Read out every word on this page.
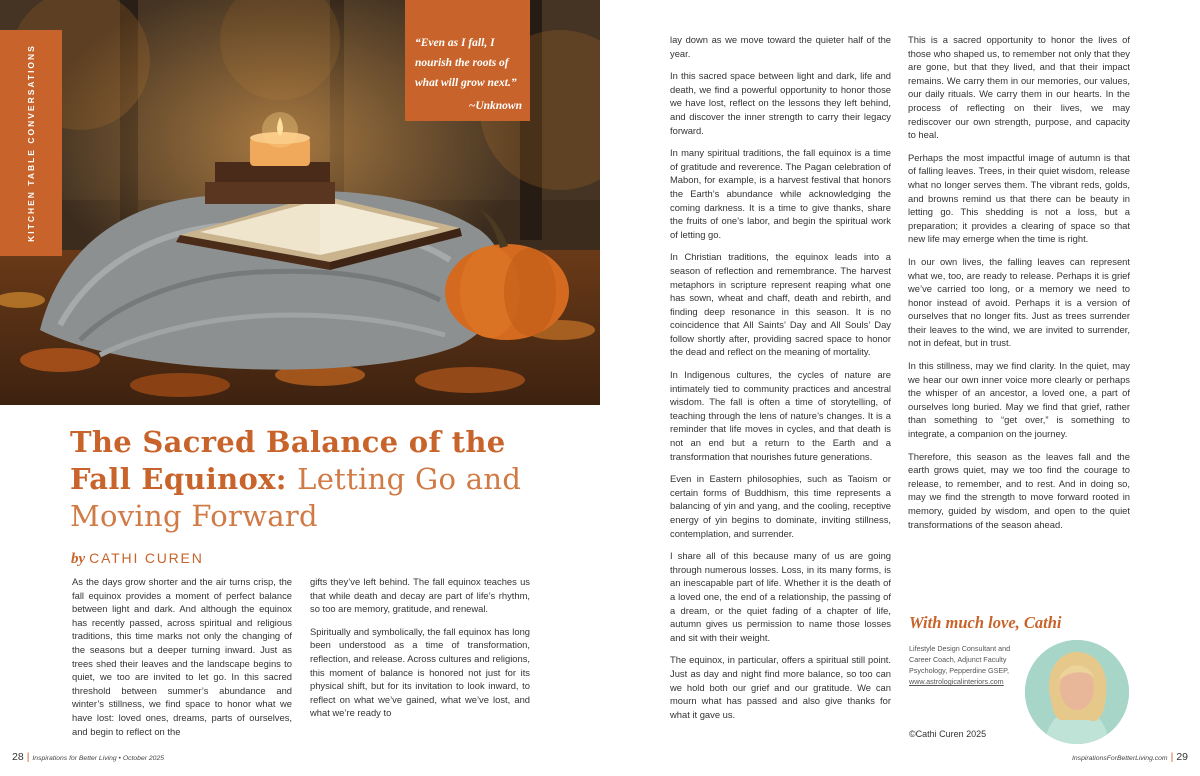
KITCHEN TABLE CONVERSATIONS
“Even as I fall, I
nourish the roots of
what will grow next.”
~Unknown
The Sacred Balance of the Fall Equinox: Letting Go and Moving Forward
by CATHI CUREN

As the days grow shorter and the air turns crisp, the fall equinox provides a moment of perfect balance between light and dark. And although the equinox has recently passed, across spiritual and religious traditions, this time marks not only the changing of the seasons but a deeper turning inward. Just as trees shed their leaves and the landscape begins to quiet, we too are invited to let go. In this sacred threshold between summer’s abundance and winter’s stillness, we find space to honor what we have lost: loved ones, dreams, parts of ourselves, and begin to reflect on the

gifts they’ve left behind. The fall equinox teaches us that while death and decay are part of life’s rhythm, so too are memory, gratitude, and renewal.

Spiritually and symbolically, the fall equinox has long been understood as a time of transformation, reflection, and release. Across cultures and religions, this moment of balance is honored not just for its physical shift, but for its invitation to look inward, to reflect on what we’ve gained, what we’ve lost, and what we’re ready to

28 | Inspirations for Better Living • October 2025

lay down as we move toward the quieter half of the year.

In this sacred space between light and dark, life and death, we find a powerful opportunity to honor those we have lost, reflect on the lessons they left behind, and discover the inner strength to carry their legacy forward.

In many spiritual traditions, the fall equinox is a time of gratitude and reverence. The Pagan celebration of Mabon, for example, is a harvest festival that honors the Earth’s abundance while acknowledging the coming darkness. It is a time to give thanks, share the fruits of one’s labor, and begin the spiritual work of letting go.

In Christian traditions, the equinox leads into a season of reflection and remembrance. The harvest metaphors in scripture represent reaping what one has sown, wheat and chaff, death and rebirth, and finding deep resonance in this season. It is no coincidence that All Saints’ Day and All Souls’ Day follow shortly after, providing sacred space to honor the dead and reflect on the meaning of mortality.

In Indigenous cultures, the cycles of nature are intimately tied to community practices and ancestral wisdom. The fall is often a time of storytelling, of teaching through the lens of nature’s changes. It is a reminder that life moves in cycles, and that death is not an end but a return to the Earth and a transformation that nourishes future generations.

Even in Eastern philosophies, such as Taoism or certain forms of Buddhism, this time represents a balancing of yin and yang, and the cooling, receptive energy of yin begins to dominate, inviting stillness, contemplation, and surrender.

I share all of this because many of us are going through numerous losses. Loss, in its many forms, is an inescapable part of life. Whether it is the death of a loved one, the end of a relationship, the passing of a dream, or the quiet fading of a chapter of life, autumn gives us permission to name those losses and sit with their weight.

The equinox, in particular, offers a spiritual still point. Just as day and night find more balance, so too can we hold both our grief and our gratitude. We can mourn what has passed and also give thanks for what it gave us.

This is a sacred opportunity to honor the lives of those who shaped us, to remember not only that they are gone, but that they lived, and that their impact remains. We carry them in our memories, our values, our daily rituals. We carry them in our hearts. In the process of reflecting on their lives, we may rediscover our own strength, purpose, and capacity to heal.

Perhaps the most impactful image of autumn is that of falling leaves. Trees, in their quiet wisdom, release what no longer serves them. The vibrant reds, golds, and browns remind us that there can be beauty in letting go. This shedding is not a loss, but a preparation; it provides a clearing of space so that new life may emerge when the time is right.

In our own lives, the falling leaves can represent what we, too, are ready to release. Perhaps it is grief we’ve carried too long, or a memory we need to honor instead of avoid. Perhaps it is a version of ourselves that no longer fits. Just as trees surrender their leaves to the wind, we are invited to surrender, not in defeat, but in trust.

In this stillness, may we find clarity. In the quiet, may we hear our own inner voice more clearly or perhaps the whisper of an ancestor, a loved one, a part of ourselves long buried. May we find that grief, rather than something to “get over,” is something to integrate, a companion on the journey.

Therefore, this season as the leaves fall and the earth grows quiet, may we too find the courage to release, to remember, and to rest. And in doing so, may we find the strength to move forward rooted in memory, guided by wisdom, and open to the quiet transformations of the season ahead.

With much love, Cathi
Lifestyle Design Consultant and
Career Coach, Adjunct Faculty
Psychology, Pepperdine GSEP,
www.astrologicalinteriors.com
©Cathi Curen 2025
InspirationsForBetterLiving.com | 29
